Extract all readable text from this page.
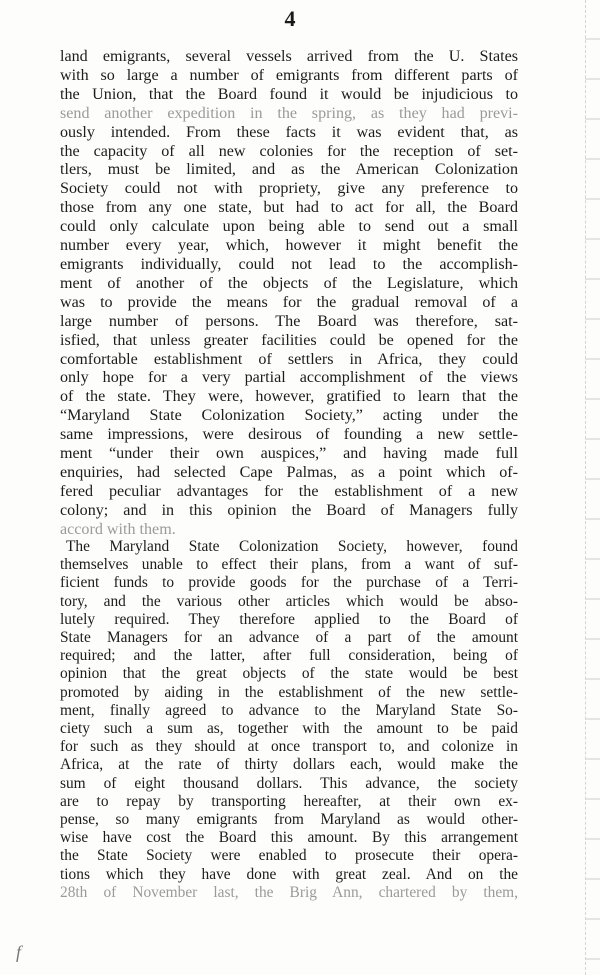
4
land emigrants, several vessels arrived from the U. States
with so large a number of emigrants from different parts of
the Union, that the Board found it would be injudicious to
send another expedition in the spring, as they had previ-
ously intended. From these facts it was evident that, as
the capacity of all new colonies for the reception of set-
tlers, must be limited, and as the American Colonization
Society could not with propriety, give any preference to
those from any one state, but had to act for all, the Board
could only calculate upon being able to send out a small
number every year, which, however it might benefit the
emigrants individually, could not lead to the accomplish-
ment of another of the objects of the Legislature, which
was to provide the means for the gradual removal of a
large number of persons. The Board was therefore, sat-
isfied, that unless greater facilities could be opened for the
comfortable establishment of settlers in Africa, they could
only hope for a very partial accomplishment of the views
of the state. They were, however, gratified to learn that the
“Maryland State Colonization Society,” acting under the
same impressions, were desirous of founding a new settle-
ment “under their own auspices,” and having made full
enquiries, had selected Cape Palmas, as a point which of-
fered peculiar advantages for the establishment of a new
colony; and in this opinion the Board of Managers fully
accord with them.
The Maryland State Colonization Society, however, found
themselves unable to effect their plans, from a want of suf-
ficient funds to provide goods for the purchase of a Terri-
tory, and the various other articles which would be abso-
lutely required. They therefore applied to the Board of
State Managers for an advance of a part of the amount
required; and the latter, after full consideration, being of
opinion that the great objects of the state would be best
promoted by aiding in the establishment of the new settle-
ment, finally agreed to advance to the Maryland State So-
ciety such a sum as, together with the amount to be paid
for such as they should at once transport to, and colonize in
Africa, at the rate of thirty dollars each, would make the
sum of eight thousand dollars. This advance, the society
are to repay by transporting hereafter, at their own ex-
pense, so many emigrants from Maryland as would other-
wise have cost the Board this amount. By this arrangement
the State Society were enabled to prosecute their opera-
tions which they have done with great zeal. And on the
28th of November last, the Brig Ann, chartered by them,
f
